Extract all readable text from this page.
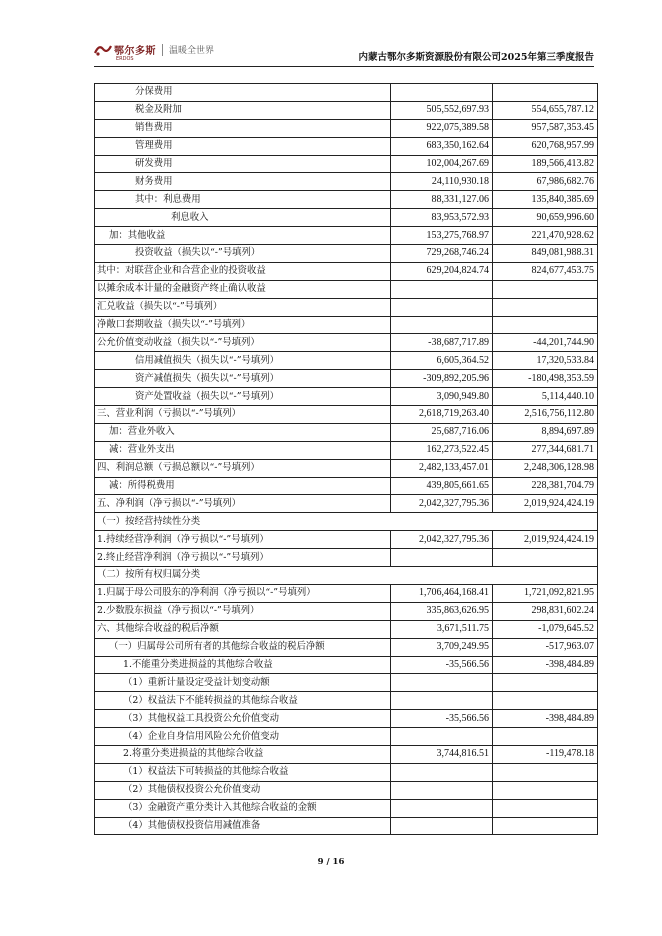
鄂尔多斯
ERDOS
温暖全世界
内蒙古鄂尔多斯资源股份有限公司2025年第三季度报告
分保费用		
税金及附加	505,552,697.93	554,655,787.12
销售费用	922,075,389.58	957,587,353.45
管理费用	683,350,162.64	620,768,957.99
研发费用	102,004,267.69	189,566,413.82
财务费用	24,110,930.18	67,986,682.76
其中：利息费用	88,331,127.06	135,840,385.69
利息收入	83,953,572.93	90,659,996.60
加：其他收益	153,275,768.97	221,470,928.62
投资收益（损失以“-”号填列）	729,268,746.24	849,081,988.31
其中：对联营企业和合营企业的投资收益	629,204,824.74	824,677,453.75
以摊余成本计量的金融资产终止确认收益		
汇兑收益（损失以“-”号填列）		
净敞口套期收益（损失以“-”号填列）		
公允价值变动收益（损失以“-”号填列）	-38,687,717.89	-44,201,744.90
信用减值损失（损失以“-”号填列）	6,605,364.52	17,320,533.84
资产减值损失（损失以“-”号填列）	-309,892,205.96	-180,498,353.59
资产处置收益（损失以“-”号填列）	3,090,949.80	5,114,440.10
三、营业利润（亏损以“-”号填列）	2,618,719,263.40	2,516,756,112.80
加：营业外收入	25,687,716.06	8,894,697.89
减：营业外支出	162,273,522.45	277,344,681.71
四、利润总额（亏损总额以“-”号填列）	2,482,133,457.01	2,248,306,128.98
减：所得税费用	439,805,661.65	228,381,704.79
五、净利润（净亏损以“-”号填列）	2,042,327,795.36	2,019,924,424.19
（一）按经营持续性分类		
1.持续经营净利润（净亏损以“-”号填列）	2,042,327,795.36	2,019,924,424.19
2.终止经营净利润（净亏损以“-”号填列）		
（二）按所有权归属分类		
1.归属于母公司股东的净利润（净亏损以“-”号填列）	1,706,464,168.41	1,721,092,821.95
2.少数股东损益（净亏损以“-”号填列）	335,863,626.95	298,831,602.24
六、其他综合收益的税后净额	3,671,511.75	-1,079,645.52
（一）归属母公司所有者的其他综合收益的税后净额	3,709,249.95	-517,963.07
1.不能重分类进损益的其他综合收益	-35,566.56	-398,484.89
（1）重新计量设定受益计划变动额		
（2）权益法下不能转损益的其他综合收益		
（3）其他权益工具投资公允价值变动	-35,566.56	-398,484.89
（4）企业自身信用风险公允价值变动		
2.将重分类进损益的其他综合收益	3,744,816.51	-119,478.18
（1）权益法下可转损益的其他综合收益		
（2）其他债权投资公允价值变动		
（3）金融资产重分类计入其他综合收益的金额		
（4）其他债权投资信用减值准备		
9 / 16
